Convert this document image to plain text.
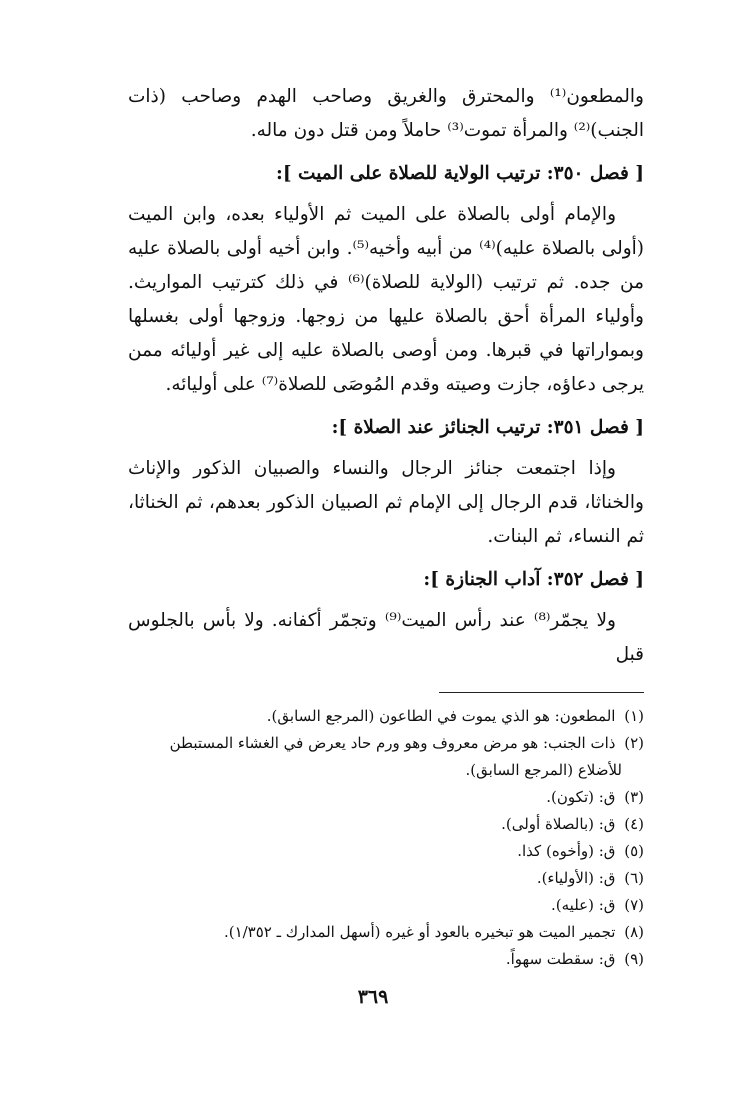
والمطعون⁽¹⁾ والمحترق والغريق وصاحب الهدم وصاحب (ذات الجنب)⁽²⁾ والمرأة تموت⁽³⁾ حاملاً ومن قتل دون ماله.

[ فصل ٣٥٠: ترتيب الولاية للصلاة على الميت ]:

والإمام أولى بالصلاة على الميت ثم الأولياء بعده، وابن الميت (أولى بالصلاة عليه)⁽⁴⁾ من أبيه وأخيه⁽⁵⁾. وابن أخيه أولى بالصلاة عليه من جده. ثم ترتيب (الولاية للصلاة)⁽⁶⁾ في ذلك كترتيب المواريث. وأولياء المرأة أحق بالصلاة عليها من زوجها. وزوجها أولى بغسلها وبمواراتها في قبرها. ومن أوصى بالصلاة عليه إلى غير أوليائه ممن يرجى دعاؤه، جازت وصيته وقدم المُوصَى للصلاة⁽⁷⁾ على أوليائه.

[ فصل ٣٥١: ترتيب الجنائز عند الصلاة ]:

وإذا اجتمعت جنائز الرجال والنساء والصبيان الذكور والإناث والخناثا، قدم الرجال إلى الإمام ثم الصبيان الذكور بعدهم، ثم الخناثا، ثم النساء، ثم البنات.

[ فصل ٣٥٢: آداب الجنازة ]:

ولا يجمّر⁽⁸⁾ عند رأس الميت⁽⁹⁾ وتجمّر أكفانه. ولا بأس بالجلوس قبل

(١) المطعون: هو الذي يموت في الطاعون (المرجع السابق).
(٢) ذات الجنب: هو مرض معروف وهو ورم حاد يعرض في الغشاء المستبطن
للأضلاع (المرجع السابق).
(٣) ق: (تكون).
(٤) ق: (بالصلاة أولى).
(٥) ق: (وأخوه) كذا.
(٦) ق: (الأولياء).
(٧) ق: (عليه).
(٨) تجمير الميت هو تبخيره بالعود أو غيره (أسهل المدارك ـ ١/٣٥٢).
(٩) ق: سقطت سهواً.
٣٦٩
